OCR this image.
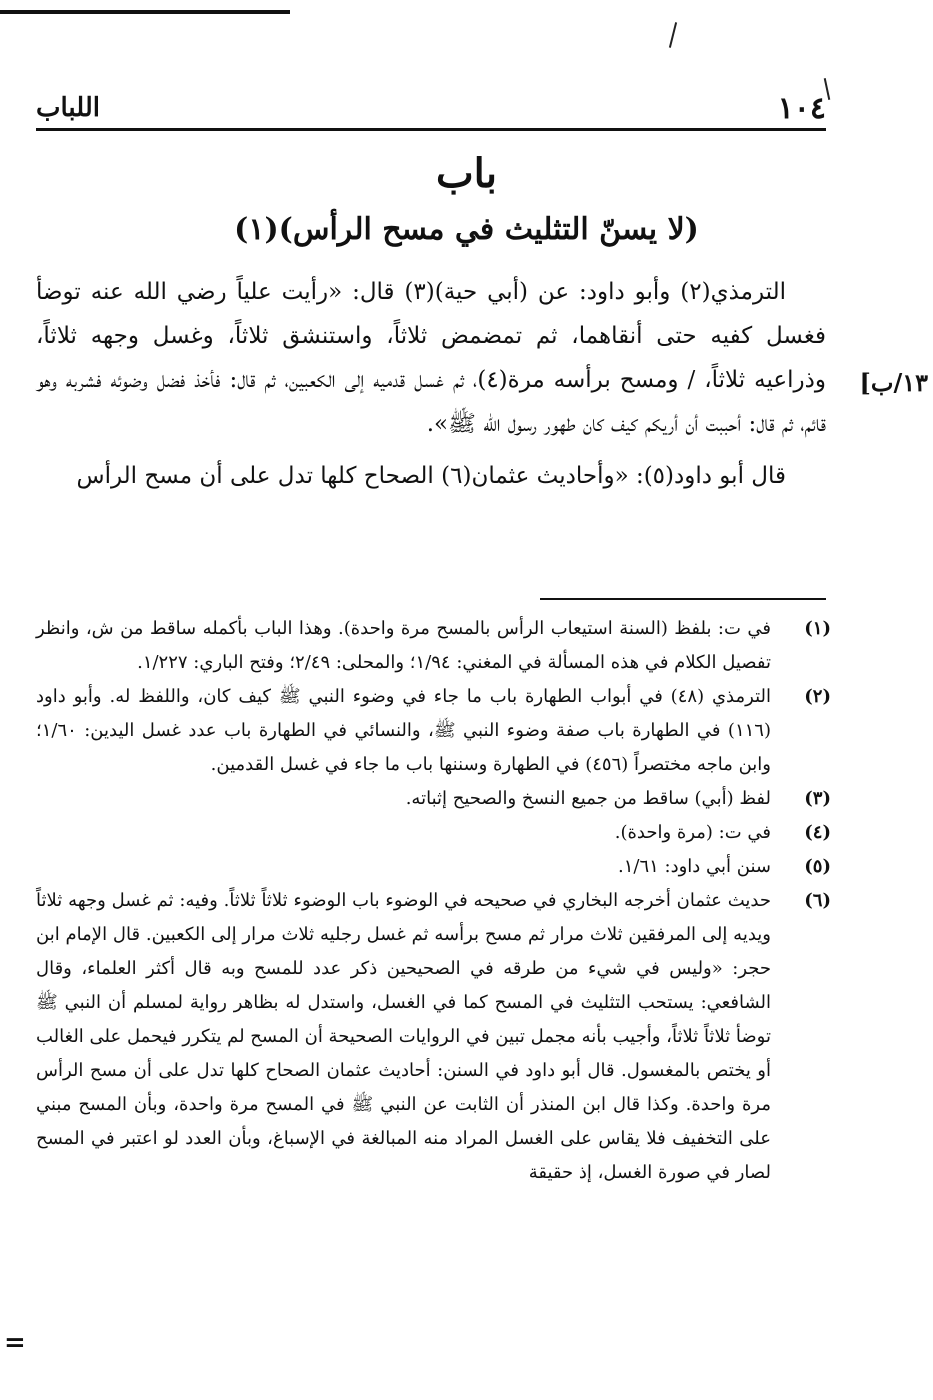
١٠٤
اللباب
باب
(لا يسنّ التثليث في مسح الرأس)(١)
١٣/ب]

الترمذي(٢) وأبو داود: عن (أبي حية)(٣) قال: «رأيت علياً رضي الله عنه توضأ فغسل كفيه حتى أنقاهما، ثم تمضمض ثلاثاً، واستنشق ثلاثاً، وغسل وجهه ثلاثاً، وذراعيه ثلاثاً، / ومسح برأسه مرة(٤)، ثم غسل قدميه إلى الكعبين، ثم قال: فأخذ فضل وضوئه فشربه وهو قائم، ثم قال: أحببت أن أريكم كيف كان طهور رسول الله ﷺ».

قال أبو داود(٥): «وأحاديث عثمان(٦) الصحاح كلها تدل على أن مسح الرأس

(١)
في ت: بلفظ (السنة استيعاب الرأس بالمسح مرة واحدة). وهذا الباب بأكمله ساقط من ش، وانظر تفصيل الكلام في هذه المسألة في المغني: ١/٩٤؛ والمحلى: ٢/٤٩؛ وفتح الباري: ١/٢٢٧.
(٢)
الترمذي (٤٨) في أبواب الطهارة باب ما جاء في وضوء النبي ﷺ كيف كان، واللفظ له. وأبو داود (١١٦) في الطهارة باب صفة وضوء النبي ﷺ، والنسائي في الطهارة باب عدد غسل اليدين: ١/٦٠؛ وابن ماجه مختصراً (٤٥٦) في الطهارة وسننها باب ما جاء في غسل القدمين.
(٣)
لفظ (أبي) ساقط من جميع النسخ والصحيح إثباته.
(٤)
في ت: (مرة واحدة).
(٥)
سنن أبي داود: ١/٦١.
(٦)
حديث عثمان أخرجه البخاري في صحيحه في الوضوء باب الوضوء ثلاثاً ثلاثاً. وفيه: ثم غسل وجهه ثلاثاً ويديه إلى المرفقين ثلاث مرار ثم مسح برأسه ثم غسل رجليه ثلاث مرار إلى الكعبين. قال الإمام ابن حجر: «وليس في شيء من طرقه في الصحيحين ذكر عدد للمسح وبه قال أكثر العلماء، وقال الشافعي: يستحب التثليث في المسح كما في الغسل، واستدل له بظاهر رواية لمسلم أن النبي ﷺ توضأ ثلاثاً ثلاثاً، وأجيب بأنه مجمل تبين في الروايات الصحيحة أن المسح لم يتكرر فيحمل على الغالب أو يختص بالمغسول. قال أبو داود في السنن: أحاديث عثمان الصحاح كلها تدل على أن مسح الرأس مرة واحدة. وكذا قال ابن المنذر أن الثابت عن النبي ﷺ في المسح مرة واحدة، وبأن المسح مبني على التخفيف فلا يقاس على الغسل المراد منه المبالغة في الإسباغ، وبأن العدد لو اعتبر في المسح لصار في صورة الغسل، إذ حقيقة
=
